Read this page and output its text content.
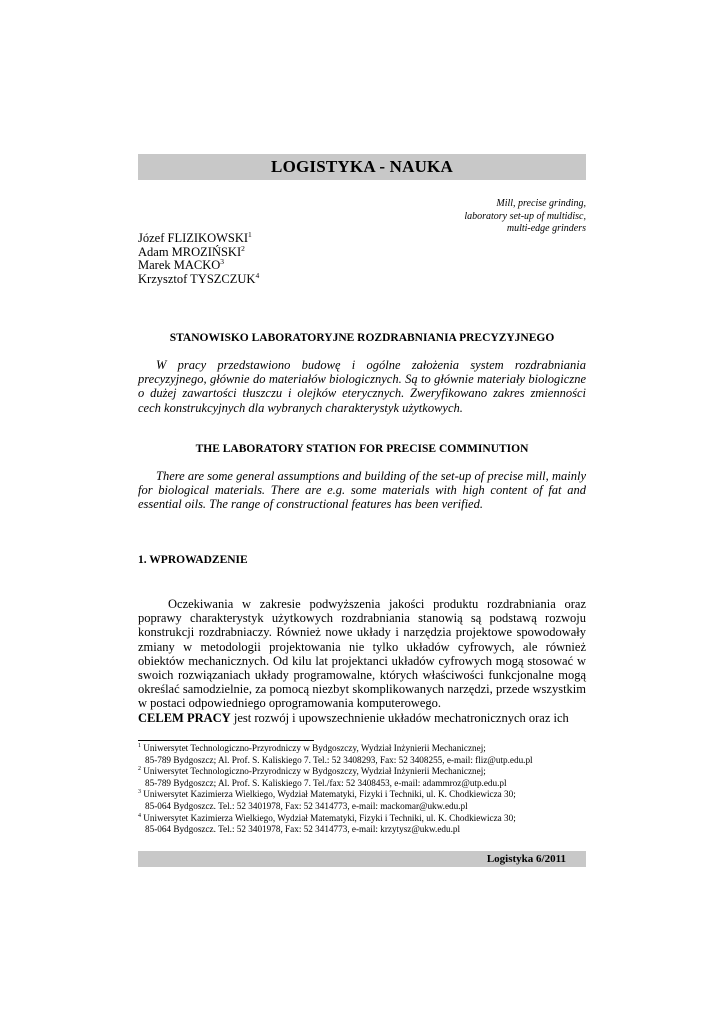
LOGISTYKA - NAUKA
Mill, precise grinding,
laboratory set-up of multidisc,
multi-edge grinders
Józef FLIZIKOWSKI$^1$
Adam MROZIŃSKI$^2$
Marek MACKO$^3$
Krzysztof TYSZCZUK$^4$
STANOWISKO LABORATORYJNE ROZDRABNIANIA PRECYZYJNEGO
W pracy przedstawiono budowę i ogólne założenia system rozdrabniania precyzyjnego, głównie do materiałów biologicznych. Są to głównie materiały biologiczne o dużej zawartości tłuszczu i olejków eterycznych. Zweryfikowano zakres zmienności cech konstrukcyjnych dla wybranych charakterystyk użytkowych.
THE LABORATORY STATION FOR PRECISE COMMINUTION
There are some general assumptions and building of the set-up of precise mill, mainly for biological materials. There are e.g. some materials with high content of fat and essential oils. The range of constructional features has been verified.
1. WPROWADZENIE

Oczekiwania w zakresie podwyższenia jakości produktu rozdrabniania oraz poprawy charakterystyk użytkowych rozdrabniania stanowią są podstawą rozwoju konstrukcji rozdrabniaczy. Również nowe układy i narzędzia projektowe spowodowały zmiany w metodologii projektowania nie tylko układów cyfrowych, ale również obiektów mechanicznych. Od kilu lat projektanci układów cyfrowych mogą stosować w swoich rozwiązaniach układy programowalne, których właściwości funkcjonalne mogą określać samodzielnie, za pomocą niezbyt skomplikowanych narzędzi, przede wszystkim w postaci odpowiedniego oprogramowania komputerowego.

CELEM PRACY jest rozwój i upowszechnienie układów mechatronicznych oraz ich

$^1$ Uniwersytet Technologiczno-Przyrodniczy w Bydgoszczy, Wydział Inżynierii Mechanicznej;
85-789 Bydgoszcz; Al. Prof. S. Kaliskiego 7. Tel.: 52 3408293, Fax: 52 3408255, e-mail: fliz@utp.edu.pl
$^2$ Uniwersytet Technologiczno-Przyrodniczy w Bydgoszczy, Wydział Inżynierii Mechanicznej;
85-789 Bydgoszcz; Al. Prof. S. Kaliskiego 7. Tel./fax: 52 3408453, e-mail: adammroz@utp.edu.pl
$^3$ Uniwersytet Kazimierza Wielkiego, Wydział Matematyki, Fizyki i Techniki, ul. K. Chodkiewicza 30;
85-064 Bydgoszcz. Tel.: 52 3401978, Fax: 52 3414773, e-mail: mackomar@ukw.edu.pl
$^4$ Uniwersytet Kazimierza Wielkiego, Wydział Matematyki, Fizyki i Techniki, ul. K. Chodkiewicza 30;
85-064 Bydgoszcz. Tel.: 52 3401978, Fax: 52 3414773, e-mail: krzytysz@ukw.edu.pl
Logistyka 6/2011
